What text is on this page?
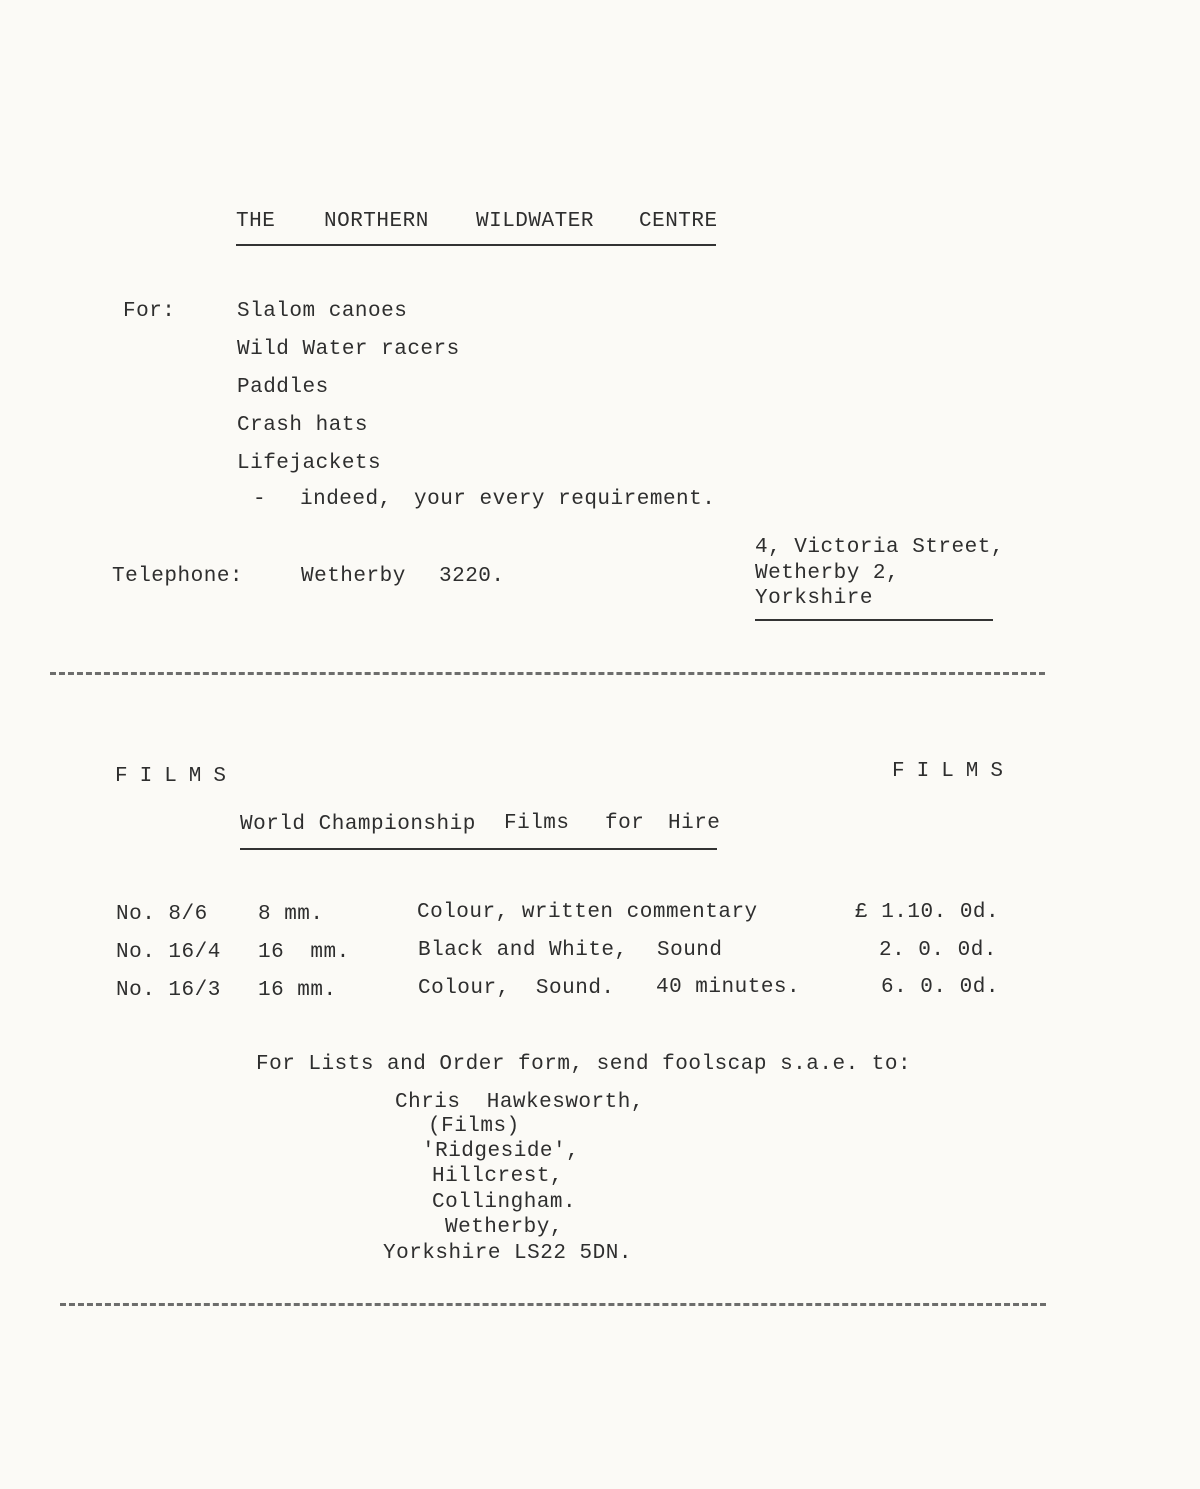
THE NORTHERN WILDWATER CENTRE
For:	Slalom canoes
Wild Water racers
Paddles
Crash hats
Lifejackets
- indeed, your every requirement.
Telephone:	Wetherby 3220.
4, Victoria Street,
Wetherby 2,
Yorkshire
FILMS	FILMS
World Championship Films for Hire
No. 8/6 8 mm.	Colour, written commentary	£ 1.10. 0d.
No. 16/4 16  mm.	Black and White, Sound	2. 0. 0d.
No. 16/3 16 mm.	Colour,  Sound. 40 minutes.	6. 0. 0d.
For Lists and Order form, send foolscap s.a.e. to:
Chris  Hawkesworth,
(Films)
'Ridgeside',
Hillcrest,
Collingham.
Wetherby,
Yorkshire LS22 5DN.
